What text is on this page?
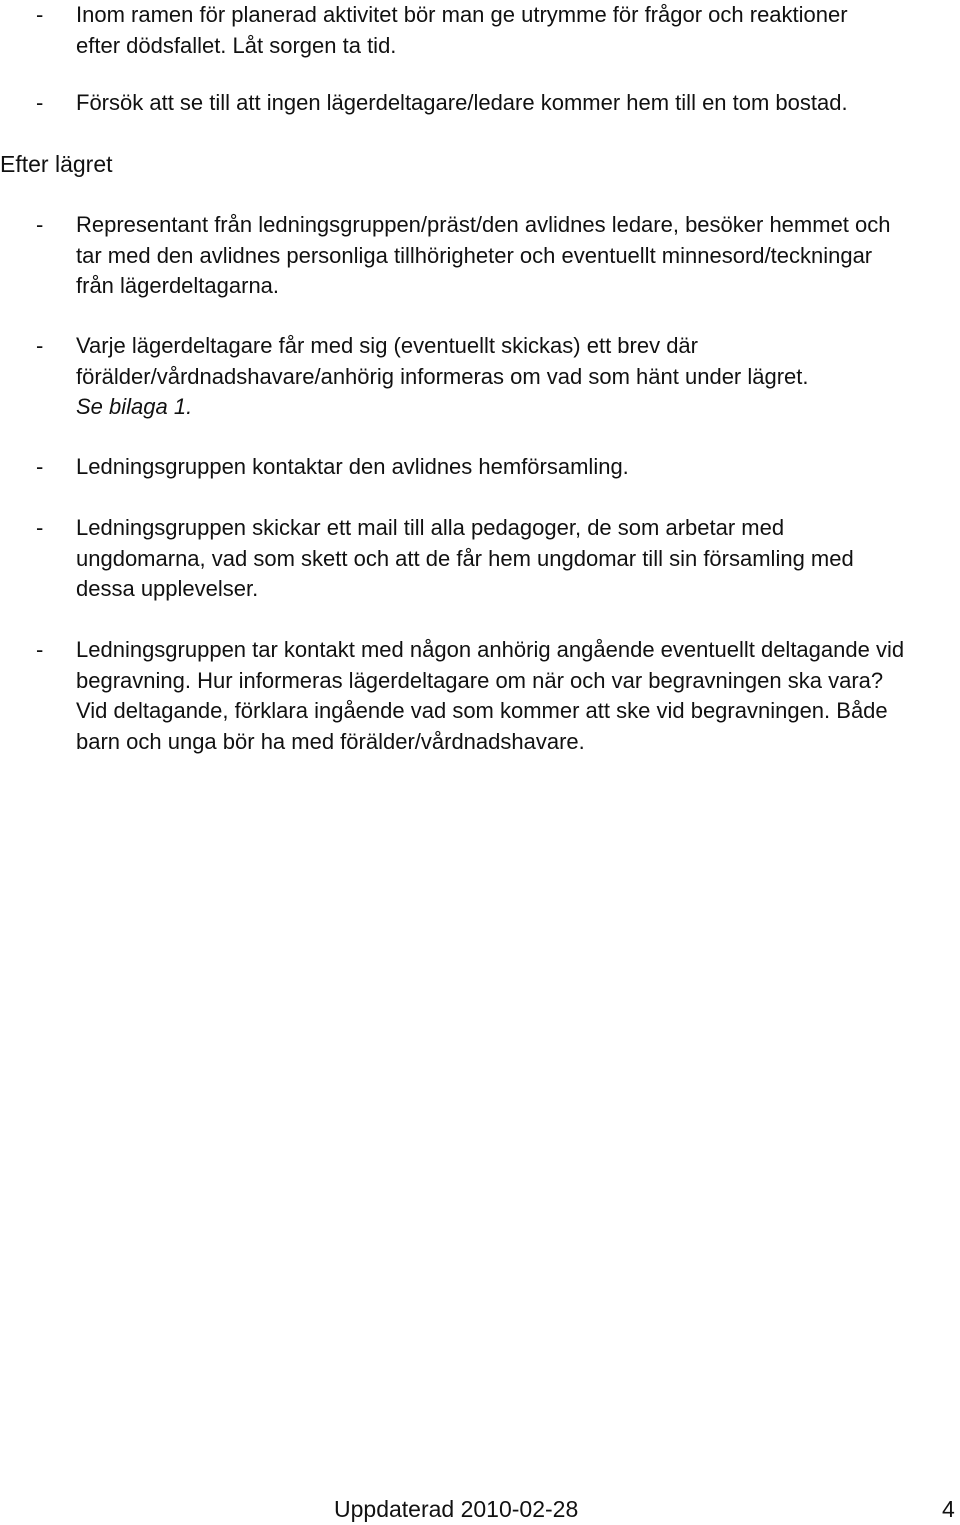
- Inom ramen för planerad aktivitet bör man ge utrymme för frågor och reaktioner
efter dödsfallet. Låt sorgen ta tid.
- Försök att se till att ingen lägerdeltagare/ledare kommer hem till en tom bostad.
Efter lägret
- Representant från ledningsgruppen/präst/den avlidnes ledare, besöker hemmet och
tar med den avlidnes personliga tillhörigheter och eventuellt minnesord/teckningar
från lägerdeltagarna.
- Varje lägerdeltagare får med sig (eventuellt skickas) ett brev där
förälder/vårdnadshavare/anhörig informeras om vad som hänt under lägret.
Se bilaga 1.
- Ledningsgruppen kontaktar den avlidnes hemförsamling.
- Ledningsgruppen skickar ett mail till alla pedagoger, de som arbetar med
ungdomarna, vad som skett och att de får hem ungdomar till sin församling med
dessa upplevelser.
- Ledningsgruppen tar kontakt med någon anhörig angående eventuellt deltagande vid
begravning. Hur informeras lägerdeltagare om när och var begravningen ska vara?
Vid deltagande, förklara ingående vad som kommer att ske vid begravningen. Både
barn och unga bör ha med förälder/vårdnadshavare.
Uppdaterad 2010-02-28	4
